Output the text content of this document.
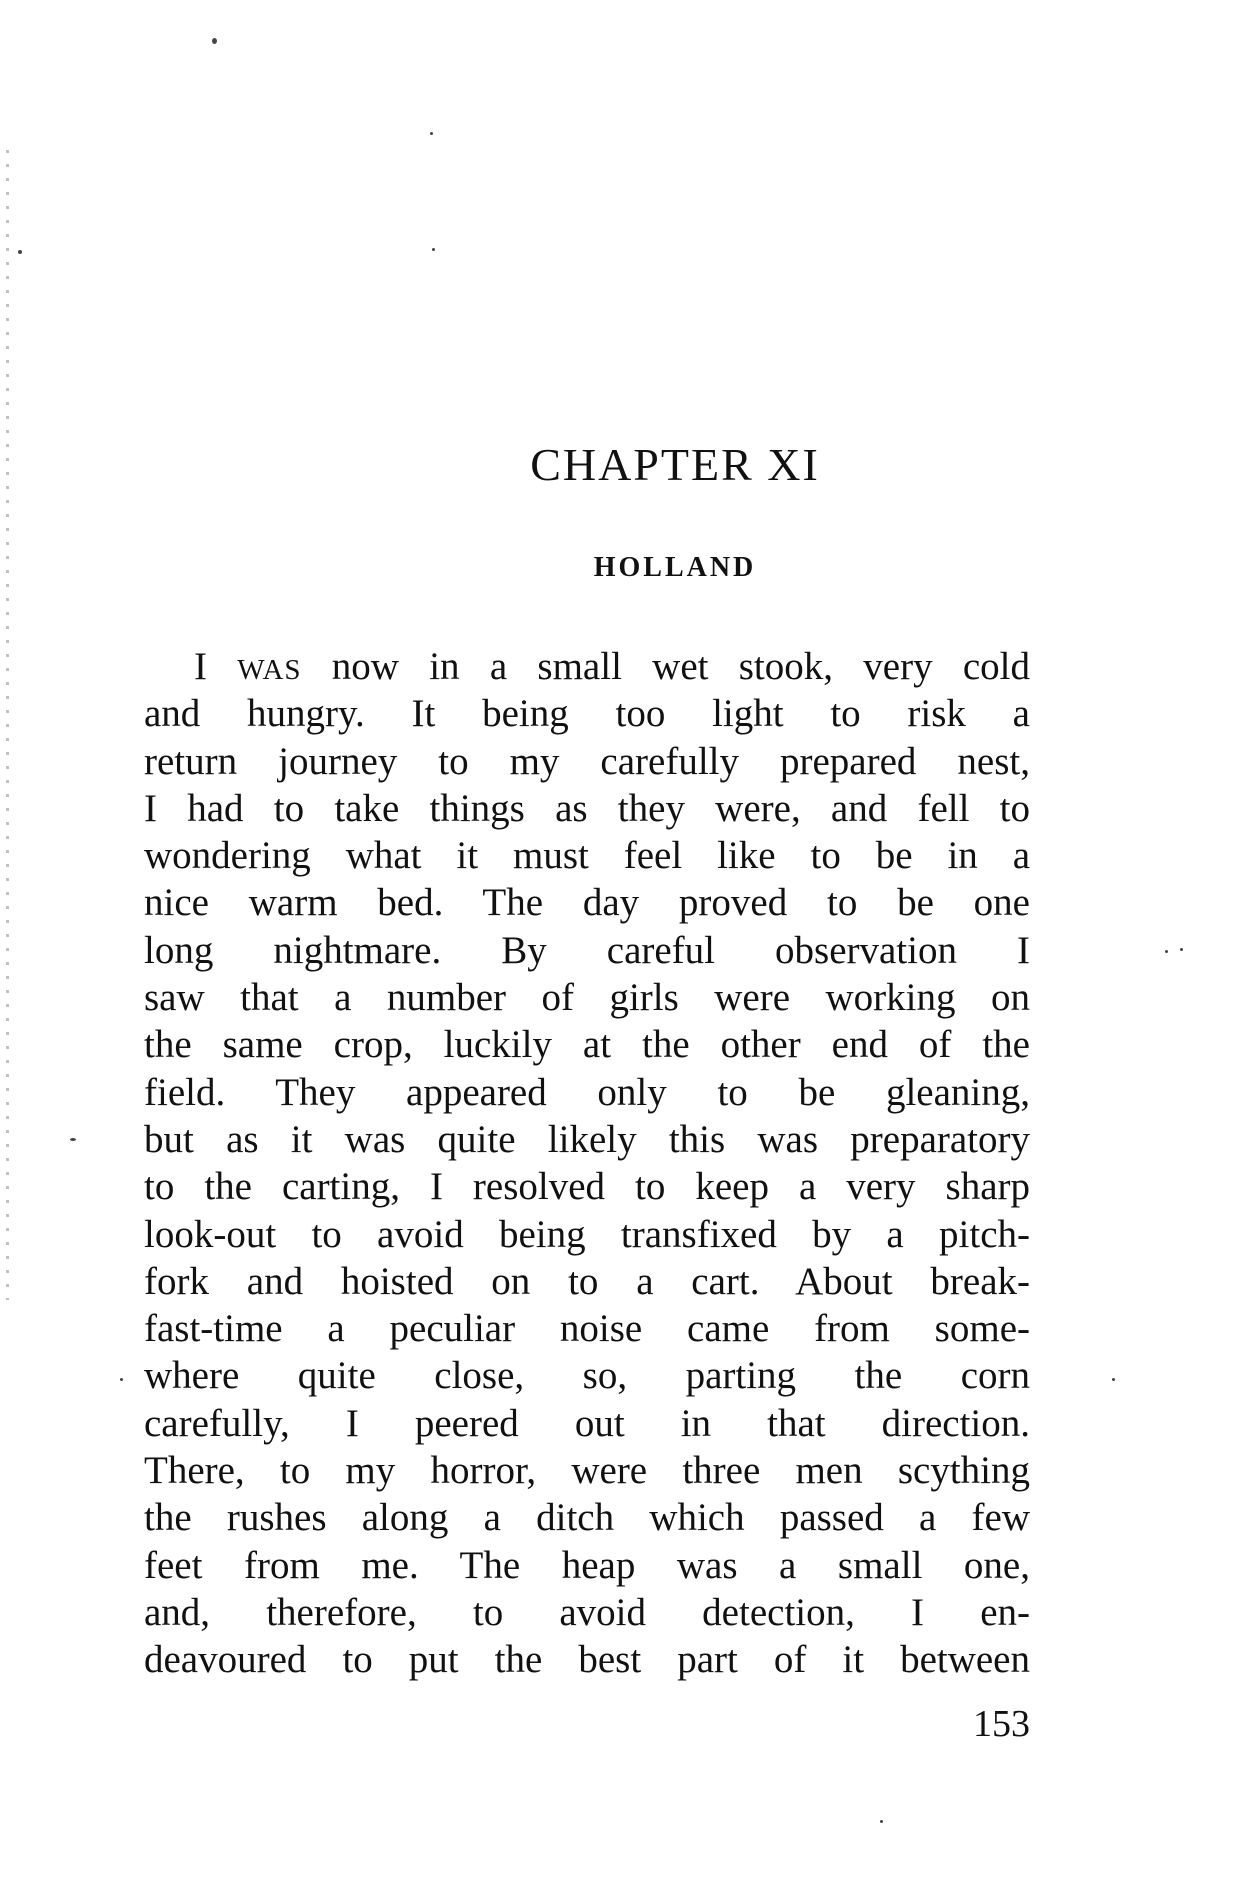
CHAPTER XI
HOLLAND
I WAS now in a small wet stook, very cold
and hungry. It being too light to risk a
return journey to my carefully prepared nest,
I had to take things as they were, and fell to
wondering what it must feel like to be in a
nice warm bed. The day proved to be one
long nightmare. By careful observation I
saw that a number of girls were working on
the same crop, luckily at the other end of the
field. They appeared only to be gleaning,
but as it was quite likely this was preparatory
to the carting, I resolved to keep a very sharp
look-out to avoid being transfixed by a pitch-
fork and hoisted on to a cart. About break-
fast-time a peculiar noise came from some-
where quite close, so, parting the corn
carefully, I peered out in that direction.
There, to my horror, were three men scything
the rushes along a ditch which passed a few
feet from me. The heap was a small one,
and, therefore, to avoid detection, I en-
deavoured to put the best part of it between

153
